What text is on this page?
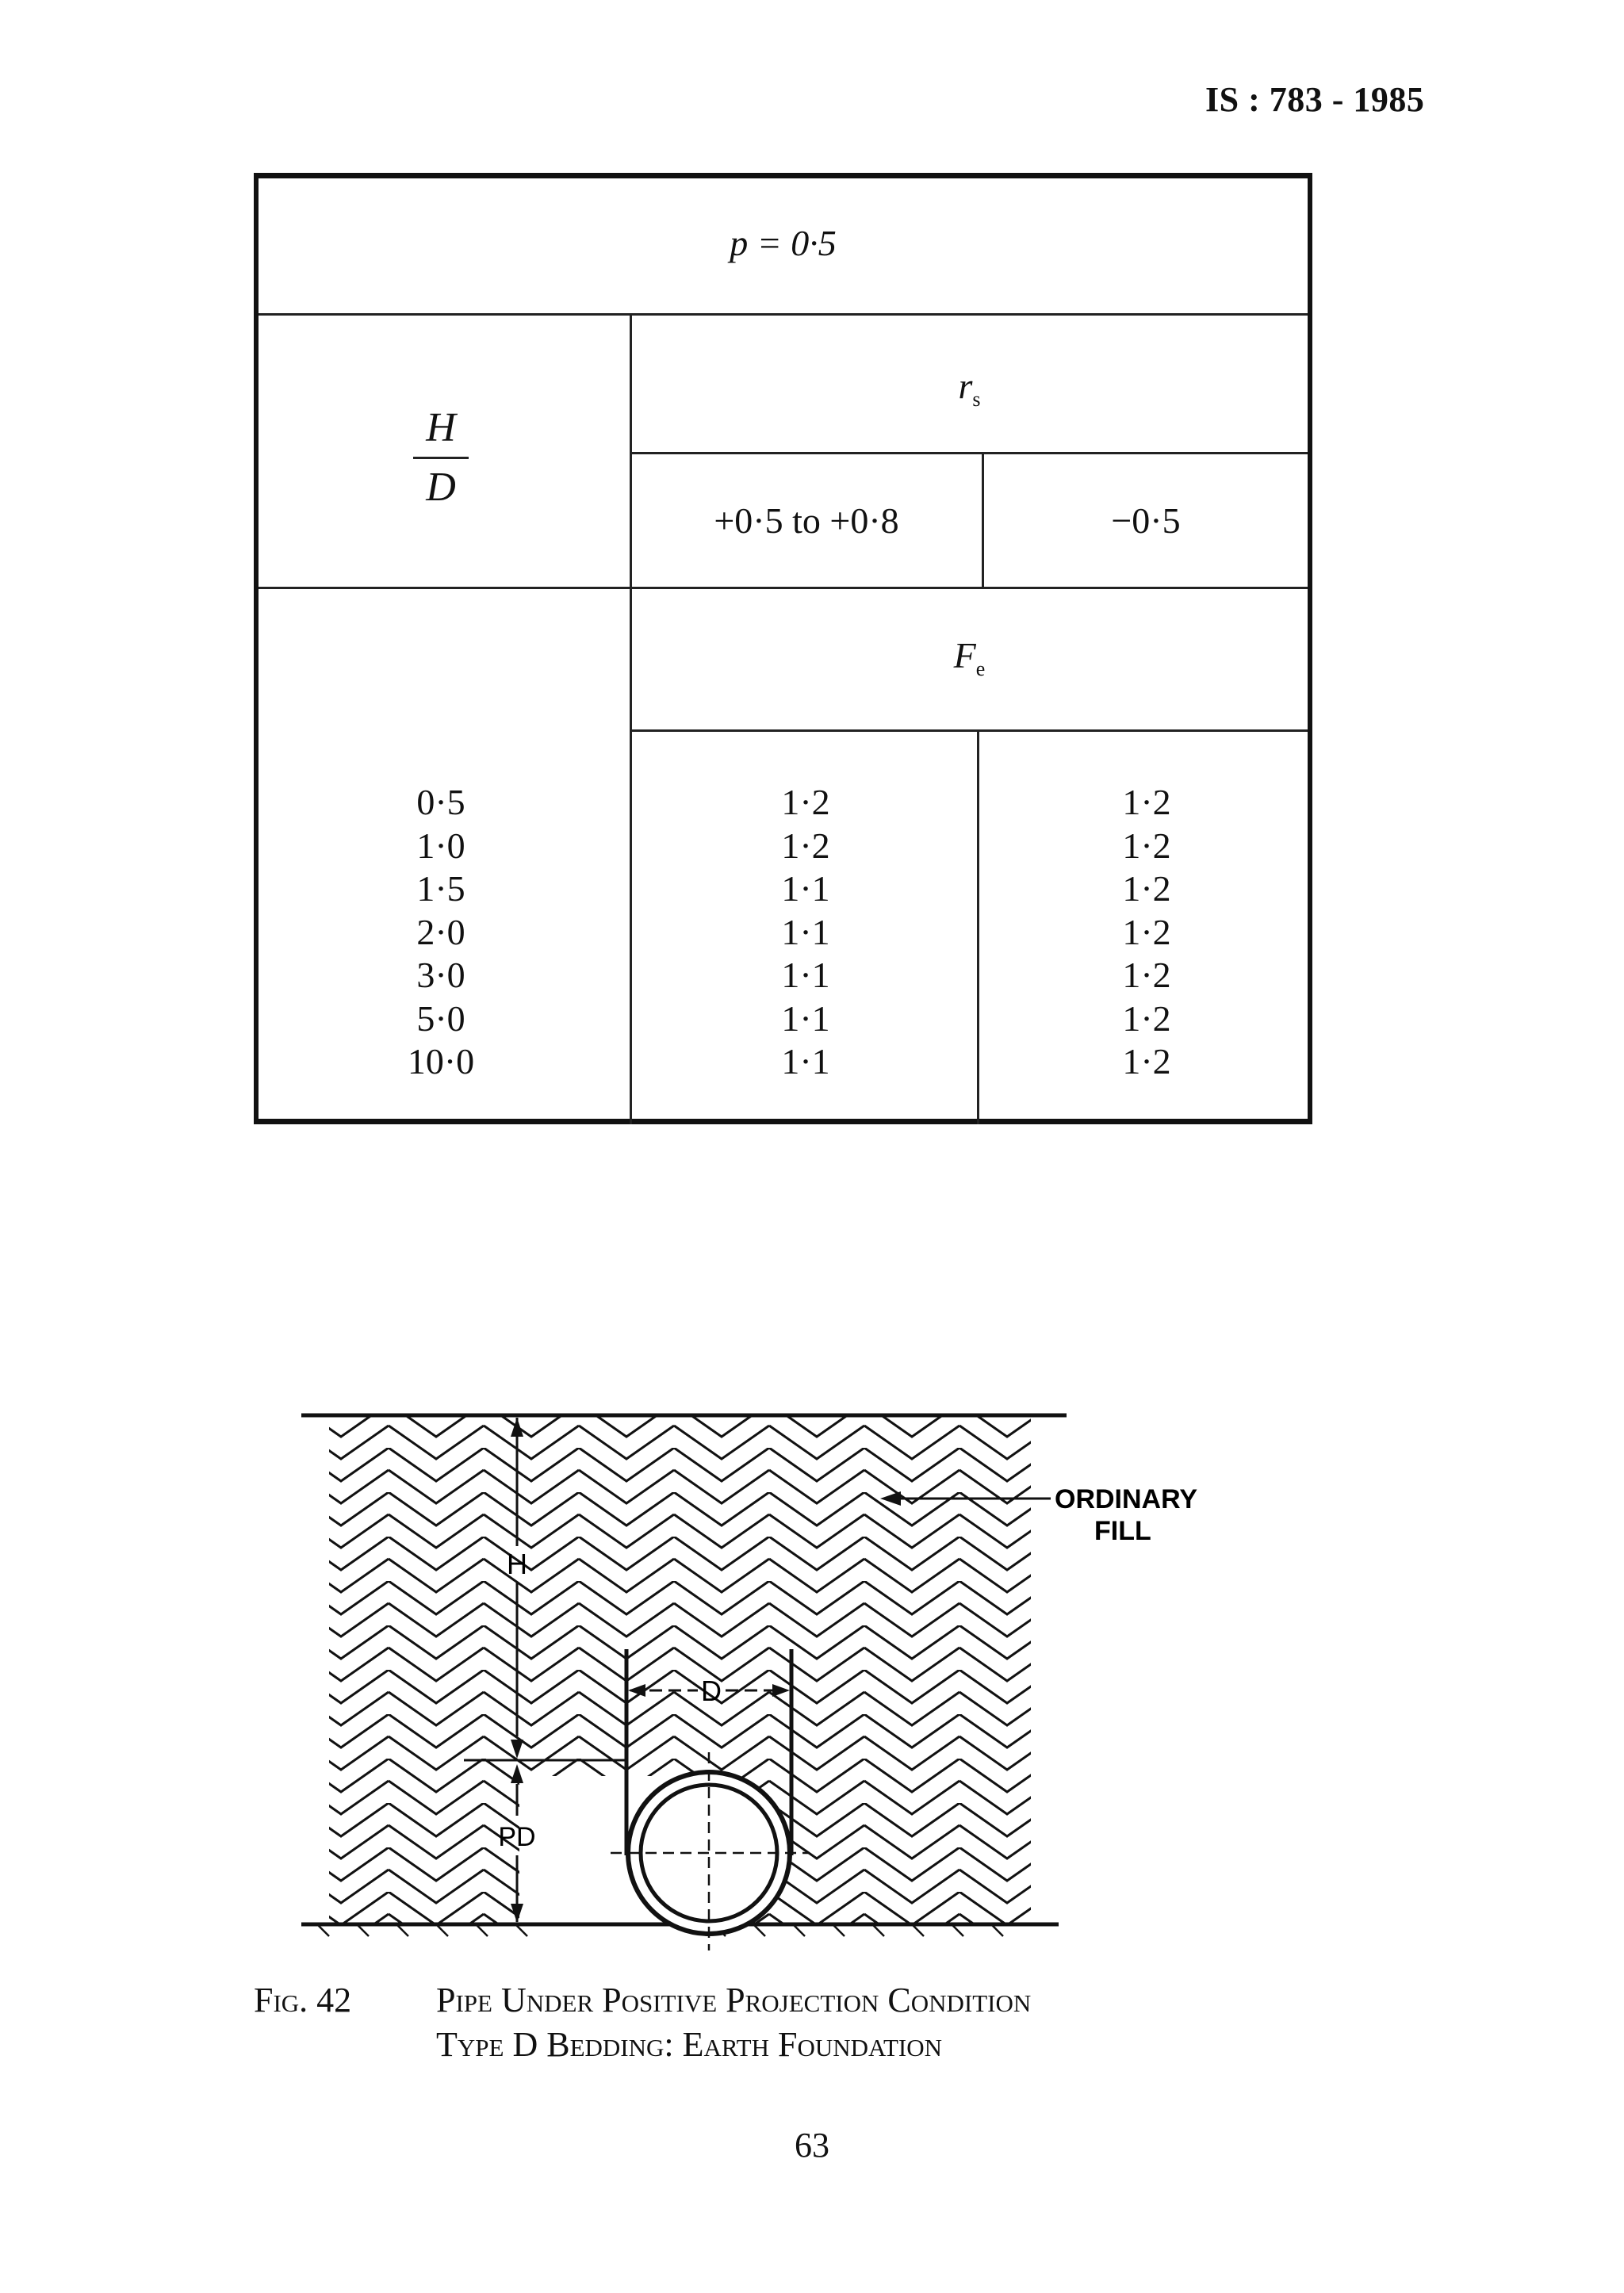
IS : 783 - 1985
p = 0·5
H
D
$r_s$
+0·5 to +0·8	−0·5
$F_e$
0·5
1·0
1·5
2·0
3·0
5·0
10·0
1·2
1·2
1·1
1·1
1·1
1·1
1·1
1·2
1·2
1·2
1·2
1·2
1·2
1·2
D
H
PD
ORDINARY
FILL
Fig. 42 Pipe Under Positive Projection Condition
Type D Bedding: Earth Foundation
63
